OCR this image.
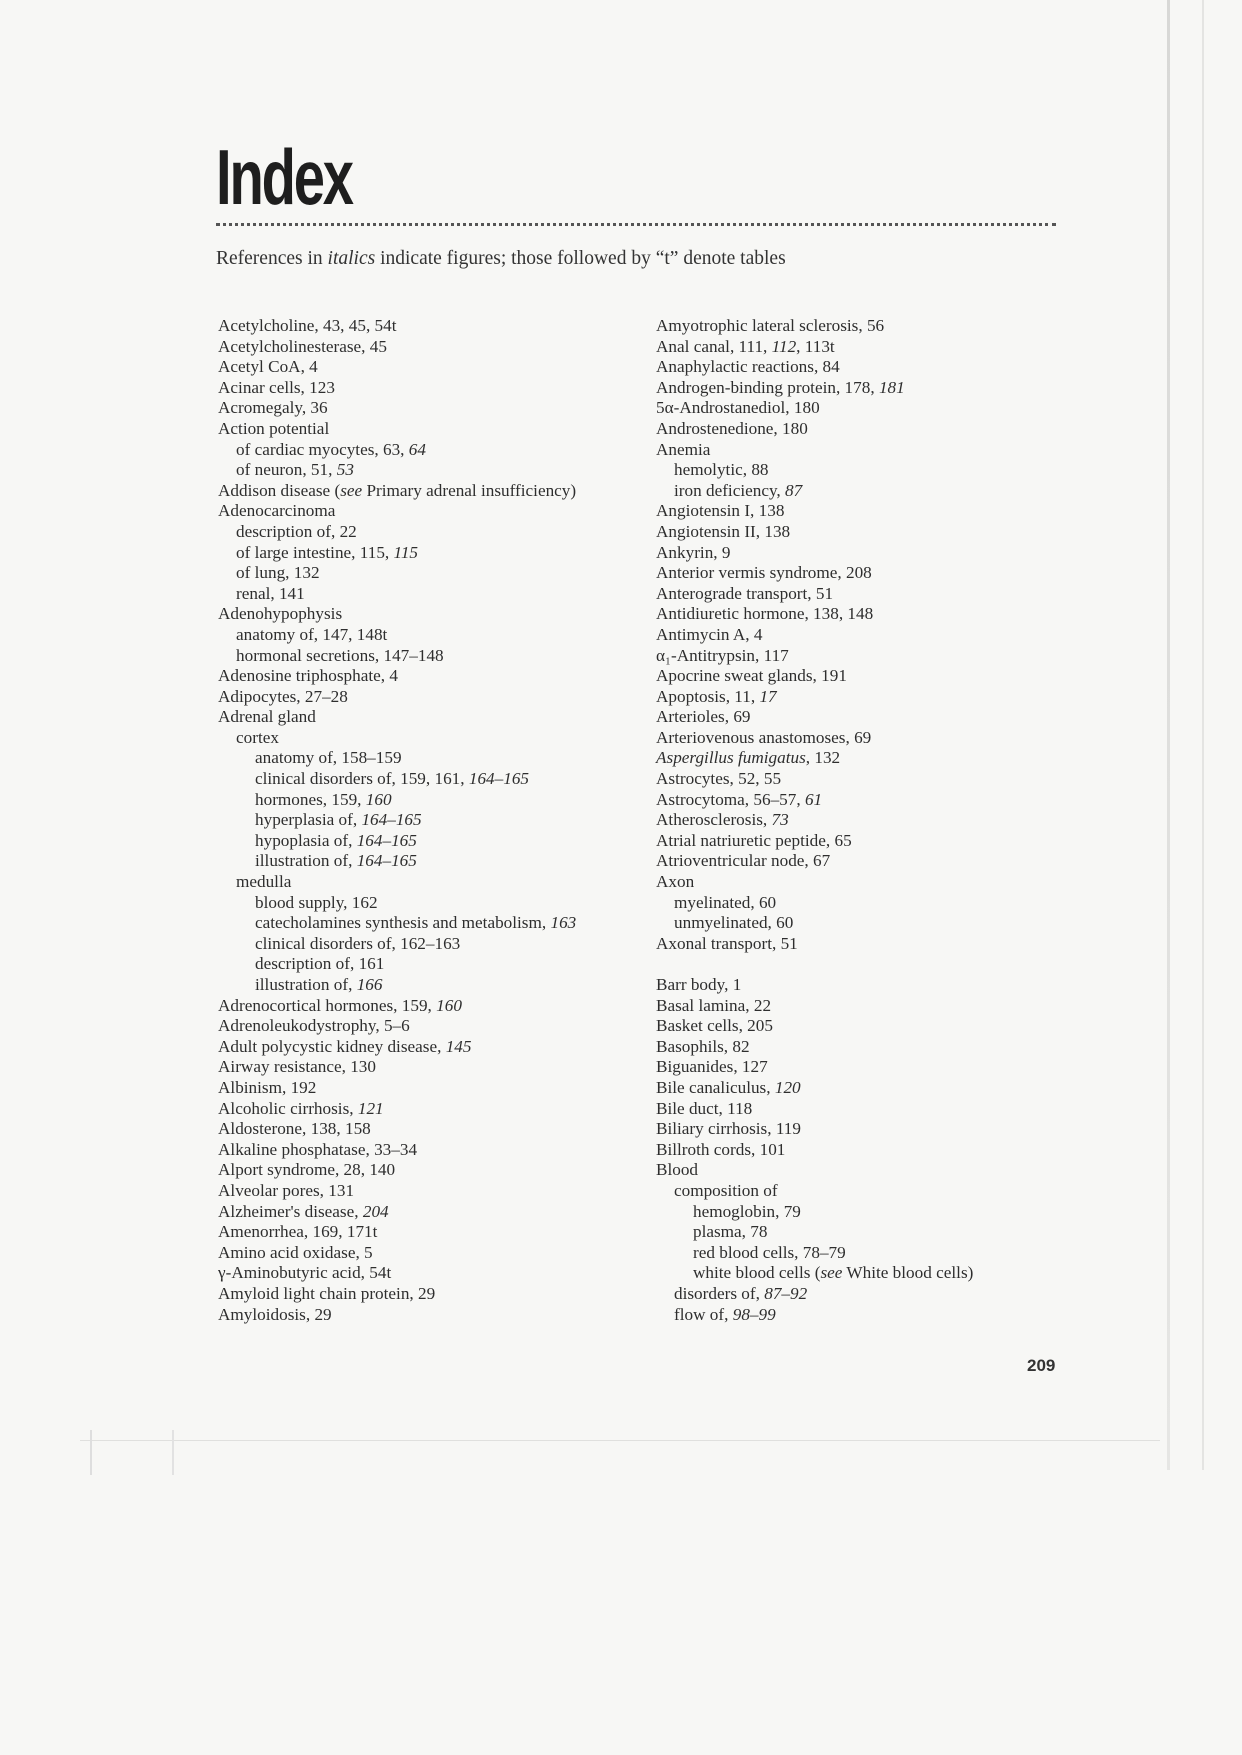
Index
References in italics indicate figures; those followed by “t” denote tables
Acetylcholine, 43, 45, 54t
Acetylcholinesterase, 45
Acetyl CoA, 4
Acinar cells, 123
Acromegaly, 36
Action potential
of cardiac myocytes, 63, 64
of neuron, 51, 53
Addison disease (see Primary adrenal insufficiency)
Adenocarcinoma
description of, 22
of large intestine, 115, 115
of lung, 132
renal, 141
Adenohypophysis
anatomy of, 147, 148t
hormonal secretions, 147–148
Adenosine triphosphate, 4
Adipocytes, 27–28
Adrenal gland
cortex
anatomy of, 158–159
clinical disorders of, 159, 161, 164–165
hormones, 159, 160
hyperplasia of, 164–165
hypoplasia of, 164–165
illustration of, 164–165
medulla
blood supply, 162
catecholamines synthesis and metabolism, 163
clinical disorders of, 162–163
description of, 161
illustration of, 166
Adrenocortical hormones, 159, 160
Adrenoleukodystrophy, 5–6
Adult polycystic kidney disease, 145
Airway resistance, 130
Albinism, 192
Alcoholic cirrhosis, 121
Aldosterone, 138, 158
Alkaline phosphatase, 33–34
Alport syndrome, 28, 140
Alveolar pores, 131
Alzheimer's disease, 204
Amenorrhea, 169, 171t
Amino acid oxidase, 5
γ-Aminobutyric acid, 54t
Amyloid light chain protein, 29
Amyloidosis, 29
Amyotrophic lateral sclerosis, 56
Anal canal, 111, 112, 113t
Anaphylactic reactions, 84
Androgen-binding protein, 178, 181
5α-Androstanediol, 180
Androstenedione, 180
Anemia
hemolytic, 88
iron deficiency, 87
Angiotensin I, 138
Angiotensin II, 138
Ankyrin, 9
Anterior vermis syndrome, 208
Anterograde transport, 51
Antidiuretic hormone, 138, 148
Antimycin A, 4
α₁-Antitrypsin, 117
Apocrine sweat glands, 191
Apoptosis, 11, 17
Arterioles, 69
Arteriovenous anastomoses, 69
Aspergillus fumigatus, 132
Astrocytes, 52, 55
Astrocytoma, 56–57, 61
Atherosclerosis, 73
Atrial natriuretic peptide, 65
Atrioventricular node, 67
Axon
myelinated, 60
unmyelinated, 60
Axonal transport, 51
Barr body, 1
Basal lamina, 22
Basket cells, 205
Basophils, 82
Biguanides, 127
Bile canaliculus, 120
Bile duct, 118
Biliary cirrhosis, 119
Billroth cords, 101
Blood
composition of
hemoglobin, 79
plasma, 78
red blood cells, 78–79
white blood cells (see White blood cells)
disorders of, 87–92
flow of, 98–99
209
